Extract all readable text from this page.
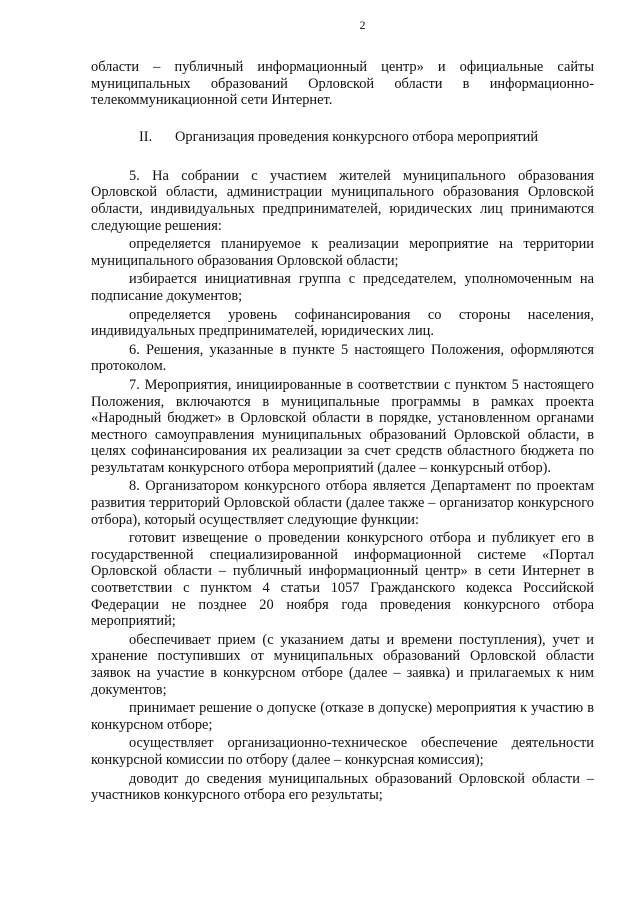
2

области – публичный информационный центр» и официальные сайты муниципальных образований Орловской области в информационно-телекоммуникационной сети Интернет.

II. Организация проведения конкурсного отбора мероприятий

5. На собрании с участием жителей муниципального образования Орловской области, администрации муниципального образования Орловской области, индивидуальных предпринимателей, юридических лиц принимаются следующие решения:

определяется планируемое к реализации мероприятие на территории муниципального образования Орловской области;

избирается инициативная группа с председателем, уполномоченным на подписание документов;

определяется уровень софинансирования со стороны населения, индивидуальных предпринимателей, юридических лиц.

6. Решения, указанные в пункте 5 настоящего Положения, оформляются протоколом.

7. Мероприятия, инициированные в соответствии с пунктом 5 настоящего Положения, включаются в муниципальные программы в рамках проекта «Народный бюджет» в Орловской области в порядке, установленном органами местного самоуправления муниципальных образований Орловской области, в целях софинансирования их реализации за счет средств областного бюджета по результатам конкурсного отбора мероприятий (далее – конкурсный отбор).

8. Организатором конкурсного отбора является Департамент по проектам развития территорий Орловской области (далее также – организатор конкурсного отбора), который осуществляет следующие функции:

готовит извещение о проведении конкурсного отбора и публикует его в государственной специализированной информационной системе «Портал Орловской области – публичный информационный центр» в сети Интернет в соответствии с пунктом 4 статьи 1057 Гражданского кодекса Российской Федерации не позднее 20 ноября года проведения конкурсного отбора мероприятий;

обеспечивает прием (с указанием даты и времени поступления), учет и хранение поступивших от муниципальных образований Орловской области заявок на участие в конкурсном отборе (далее – заявка) и прилагаемых к ним документов;

принимает решение о допуске (отказе в допуске) мероприятия к участию в конкурсном отборе;

осуществляет организационно-техническое обеспечение деятельности конкурсной комиссии по отбору (далее – конкурсная комиссия);

доводит до сведения муниципальных образований Орловской области – участников конкурсного отбора его результаты;
